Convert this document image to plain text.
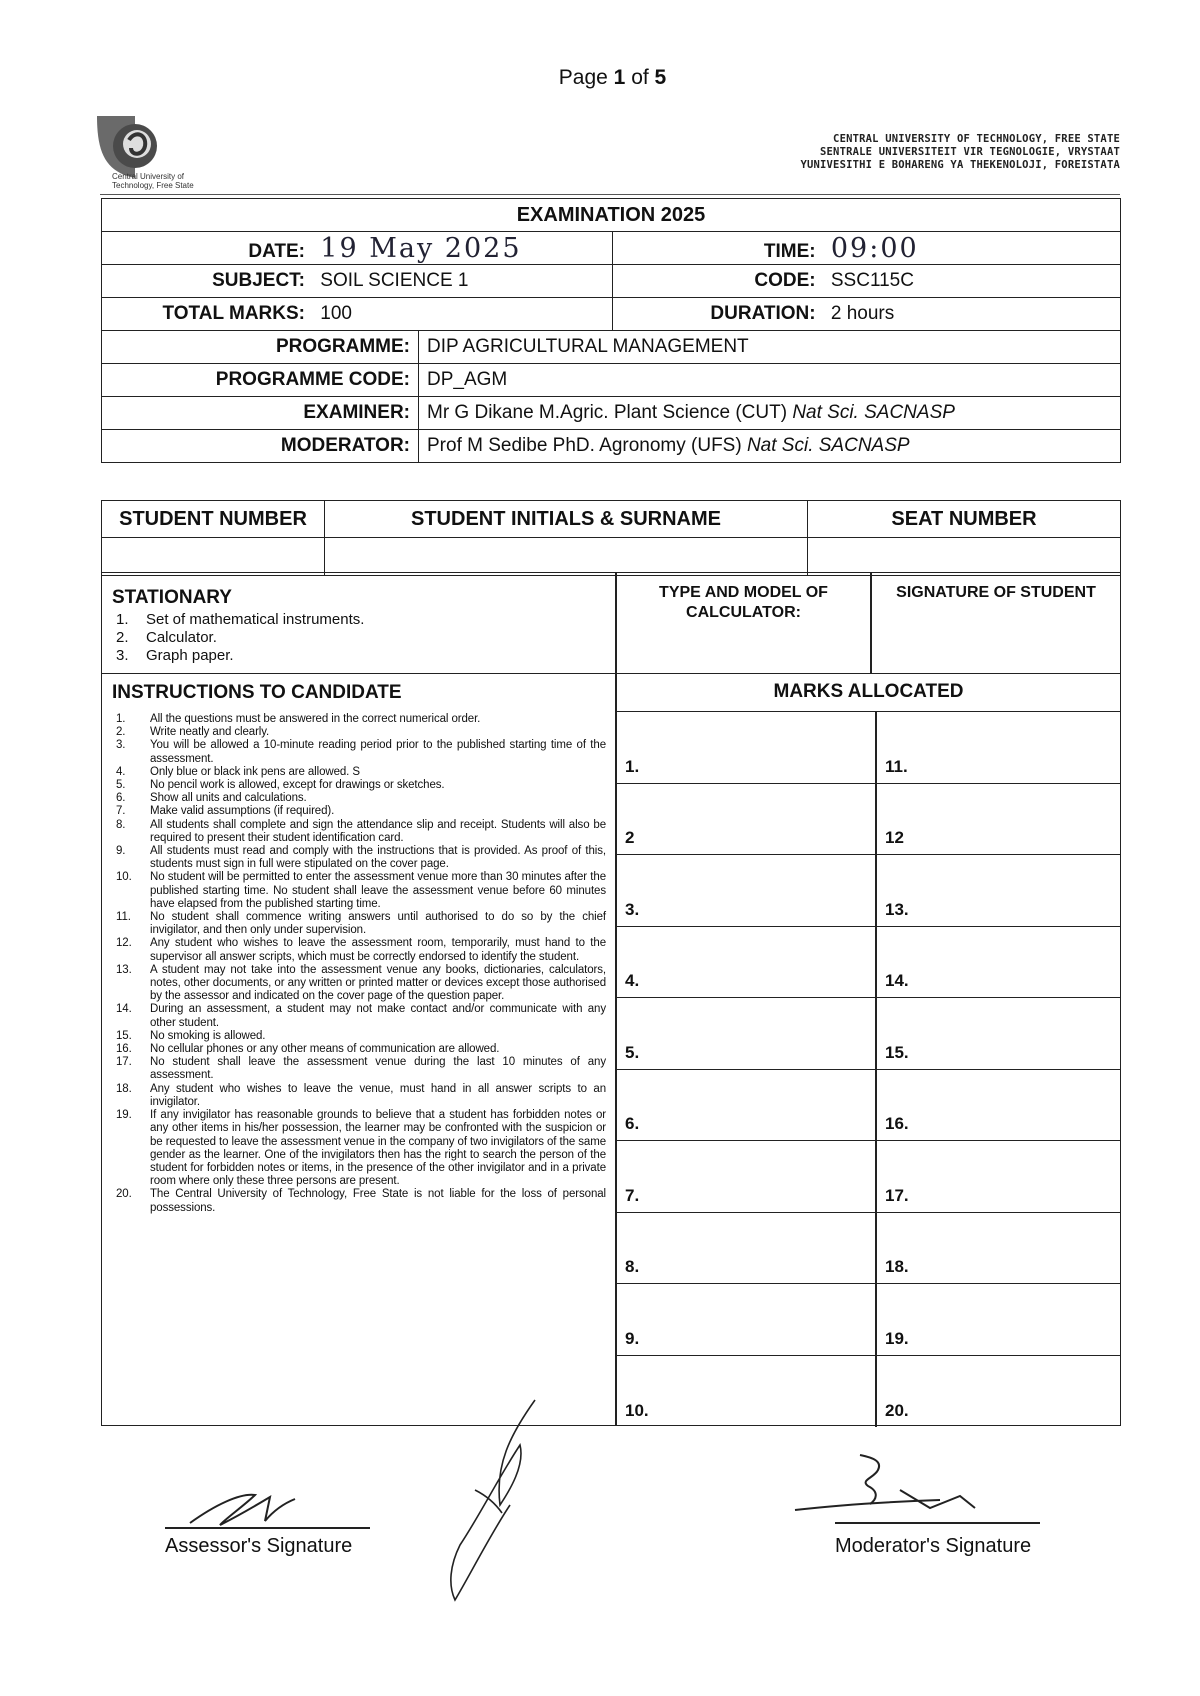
Page 1 of 5
Central University of
Technology, Free State
CENTRAL UNIVERSITY OF TECHNOLOGY, FREE STATE
SENTRALE UNIVERSITEIT VIR TEGNOLOGIE, VRYSTAAT
YUNIVESITHI E BOHARENG YA THEKENOLOJI, FOREISTATA
EXAMINATION 2025		
DATE: 19 May 2025		TIME: 09:00
SUBJECT: SOIL SCIENCE 1		CODE: SSC115C
TOTAL MARKS: 100		DURATION: 2 hours
PROGRAMME:	DIP AGRICULTURAL MANAGEMENT	
PROGRAMME CODE:	DP_AGM	
EXAMINER:	Mr G Dikane M.Agric. Plant Science (CUT) Nat Sci. SACNASP	
MODERATOR:	Prof M Sedibe PhD. Agronomy (UFS) Nat Sci. SACNASP	
STUDENT NUMBER	STUDENT INITIALS & SURNAME	SEAT NUMBER

STATIONARY
1. Set of mathematical instruments.
2. Calculator.
3. Graph paper.
TYPE AND MODEL OF CALCULATOR:
SIGNATURE OF STUDENT
INSTRUCTIONS TO CANDIDATE
1.	All the questions must be answered in the correct numerical order.
2.	Write neatly and clearly.
3.	You will be allowed a 10-minute reading period prior to the published starting time of the assessment.
4.	Only blue or black ink pens are allowed. S
5.	No pencil work is allowed, except for drawings or sketches.
6.	Show all units and calculations.
7.	Make valid assumptions (if required).
8.	All students shall complete and sign the attendance slip and receipt. Students will also be required to present their student identification card.
9.	All students must read and comply with the instructions that is provided. As proof of this, students must sign in full were stipulated on the cover page.
10.	No student will be permitted to enter the assessment venue more than 30 minutes after the published starting time. No student shall leave the assessment venue before 60 minutes have elapsed from the published starting time.
11.	No student shall commence writing answers until authorised to do so by the chief invigilator, and then only under supervision.
12.	Any student who wishes to leave the assessment room, temporarily, must hand to the supervisor all answer scripts, which must be correctly endorsed to identify the student.
13.	A student may not take into the assessment venue any books, dictionaries, calculators, notes, other documents, or any written or printed matter or devices except those authorised by the assessor and indicated on the cover page of the question paper.
14.	During an assessment, a student may not make contact and/or communicate with any other student.
15.	No smoking is allowed.
16.	No cellular phones or any other means of communication are allowed.
17.	No student shall leave the assessment venue during the last 10 minutes of any assessment.
18.	Any student who wishes to leave the venue, must hand in all answer scripts to an invigilator.
19.	If any invigilator has reasonable grounds to believe that a student has forbidden notes or any other items in his/her possession, the learner may be confronted with the suspicion or be requested to leave the assessment venue in the company of two invigilators of the same gender as the learner. One of the invigilators then has the right to search the person of the student for forbidden notes or items, in the presence of the other invigilator and in a private room where only these three persons are present.
20.	The Central University of Technology, Free State is not liable for the loss of personal possessions.
MARKS ALLOCATED
1.	11.
2	12
3.	13.
4.	14.
5.	15.
6.	16.
7.	17.
8.	18.
9.	19.
10.	20.
Assessor's Signature	Moderator's Signature
